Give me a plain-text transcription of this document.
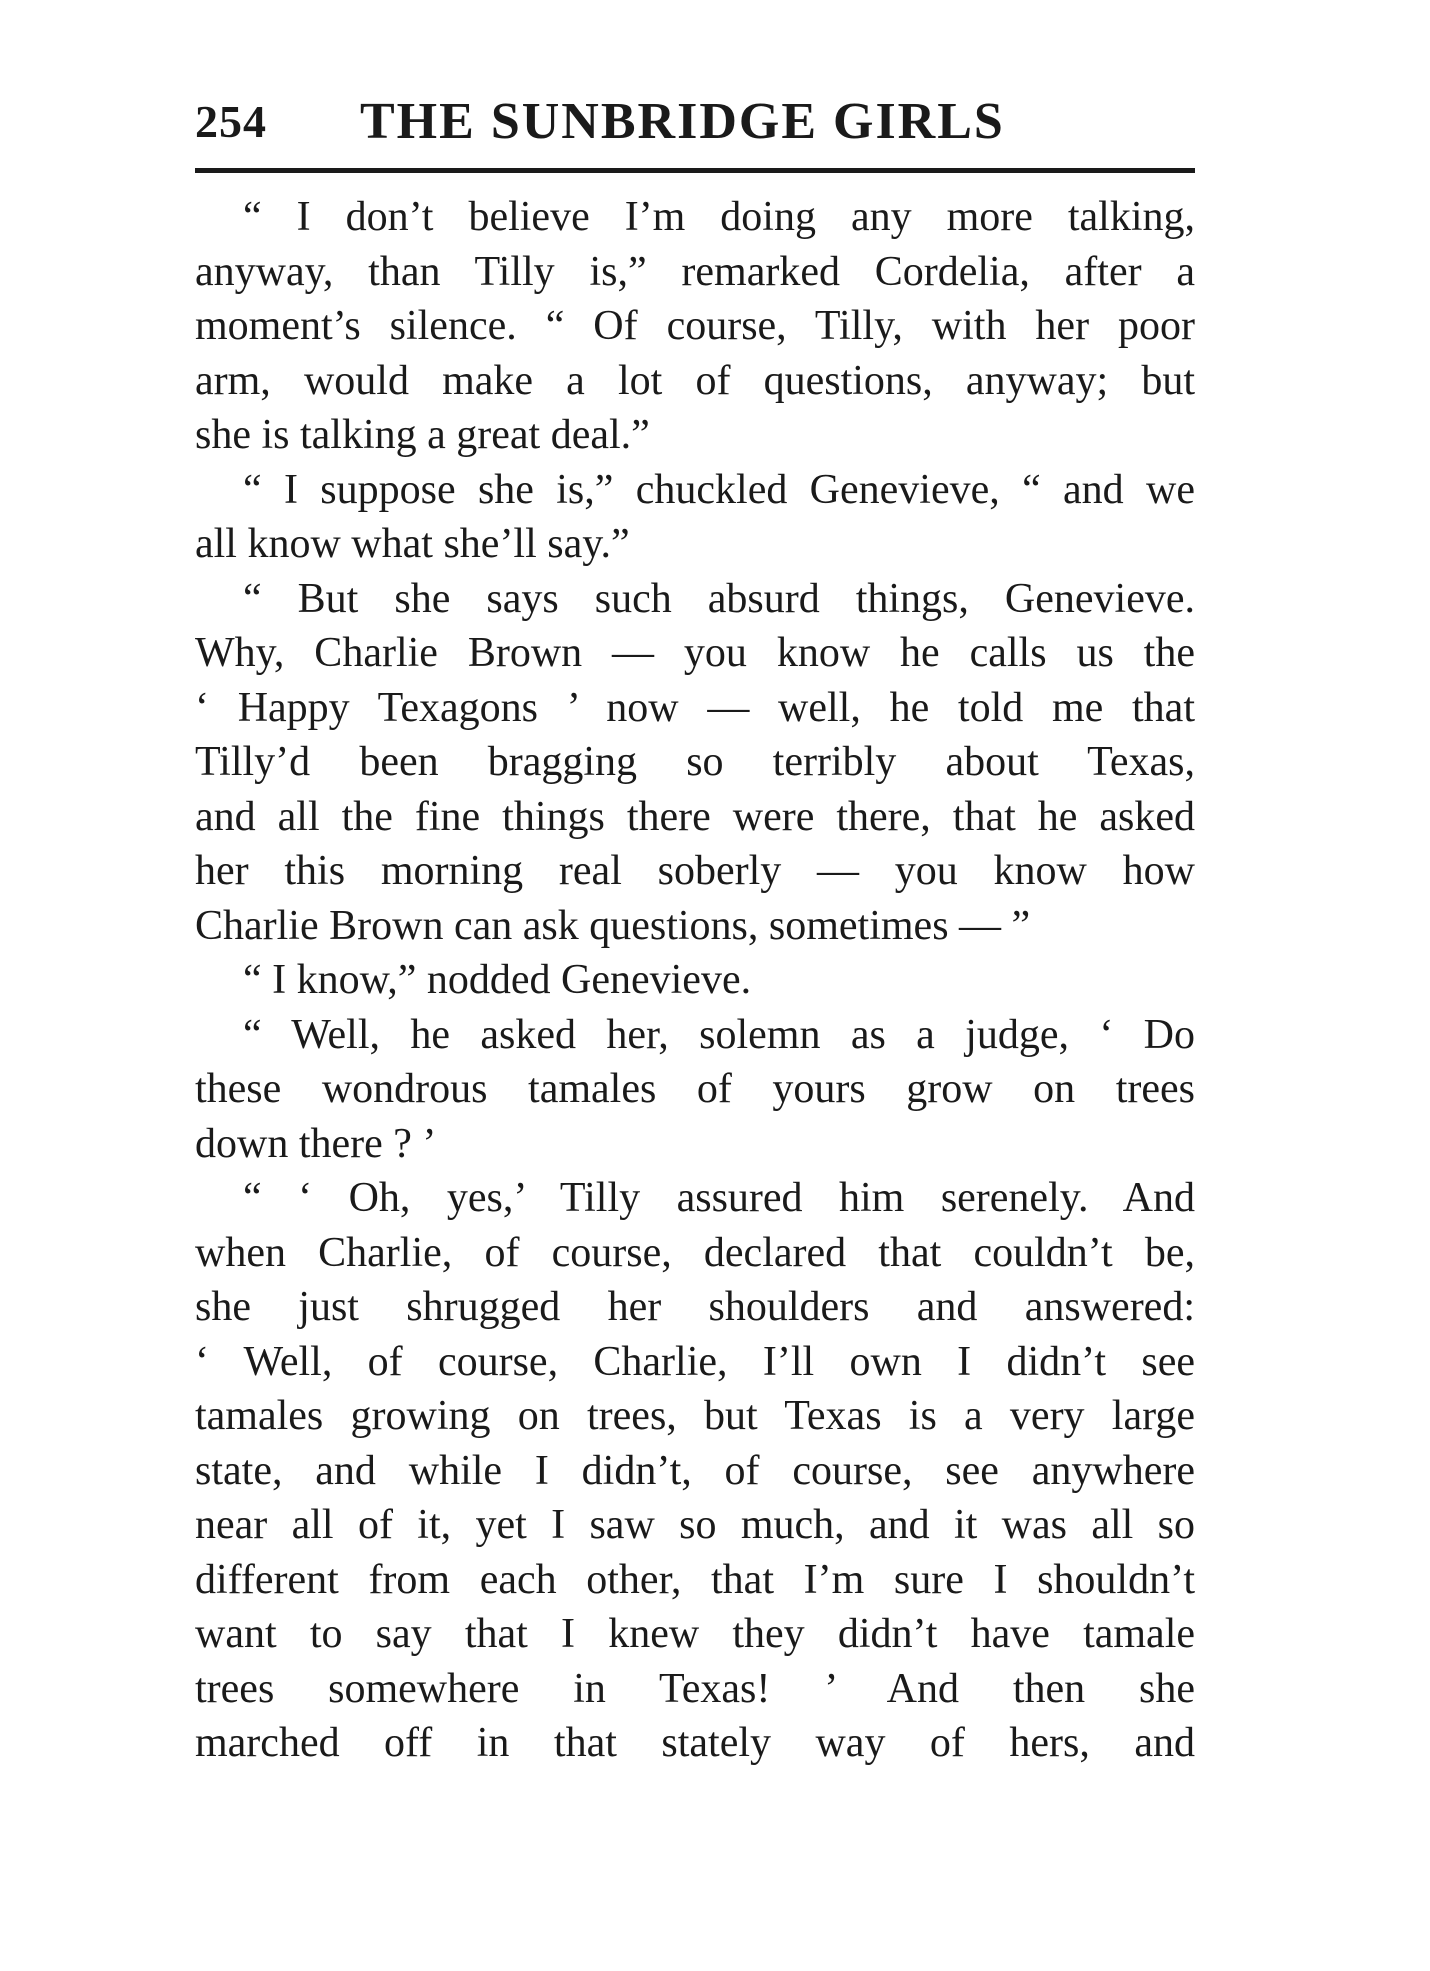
254 THE SUNBRIDGE GIRLS
“ I don’t believe I’m doing any more talking,
anyway, than Tilly is,” remarked Cordelia, after a
moment’s silence. “ Of course, Tilly, with her poor
arm, would make a lot of questions, anyway; but
she is talking a great deal.”
“ I suppose she is,” chuckled Genevieve, “ and we
all know what she’ll say.”
“ But she says such absurd things, Genevieve.
Why, Charlie Brown — you know he calls us the
‘ Happy Texagons ’ now — well, he told me that
Tilly’d been bragging so terribly about Texas,
and all the fine things there were there, that he asked
her this morning real soberly — you know how
Charlie Brown can ask questions, sometimes — ”
“ I know,” nodded Genevieve.
“ Well, he asked her, solemn as a judge, ‘ Do
these wondrous tamales of yours grow on trees
down there ? ’
“ ‘ Oh, yes,’ Tilly assured him serenely. And
when Charlie, of course, declared that couldn’t be,
she just shrugged her shoulders and answered:
‘ Well, of course, Charlie, I’ll own I didn’t see
tamales growing on trees, but Texas is a very large
state, and while I didn’t, of course, see anywhere
near all of it, yet I saw so much, and it was all so
different from each other, that I’m sure I shouldn’t
want to say that I knew they didn’t have tamale
trees somewhere in Texas! ’ And then she
marched off in that stately way of hers, and
